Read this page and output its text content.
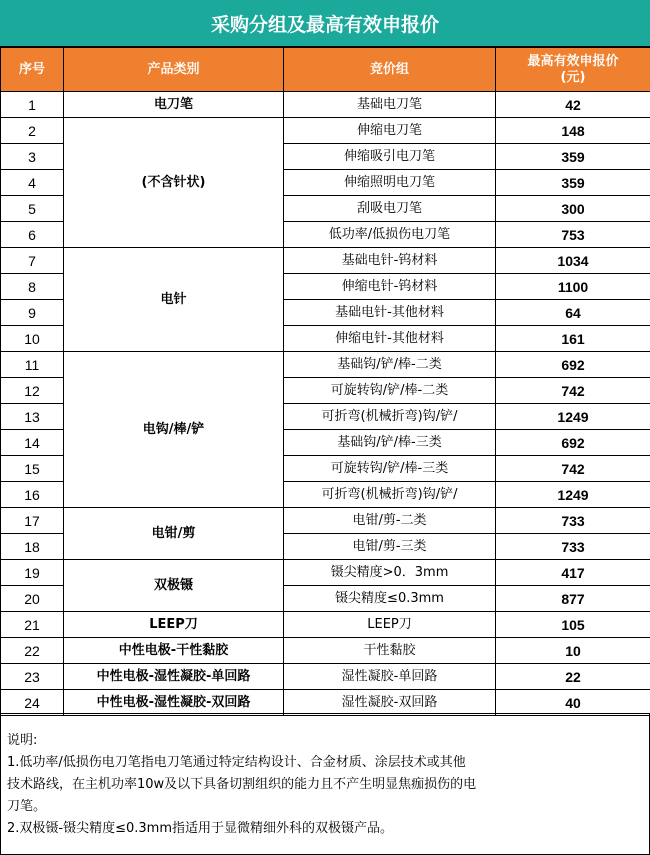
采购分组及最高有效申报价
序号	产品类别	竞价组	最高有效申报价
(元)
1	电刀笔	基础电刀笔	42
2	(不含针状)	伸缩电刀笔	148
3		伸缩吸引电刀笔	359
4		伸缩照明电刀笔	359
5		刮吸电刀笔	300
6		低功率/低损伤电刀笔	753
7	电针	基础电针-钨材料	1034
8		伸缩电针-钨材料	1100
9		基础电针-其他材料	64
10		伸缩电针-其他材料	161
11	电钩/棒/铲	基础钩/铲/棒-二类	692
12		可旋转钩/铲/棒-二类	742
13		可折弯(机械折弯)钩/铲/	1249
14		基础钩/铲/棒-三类	692
15		可旋转钩/铲/棒-三类	742
16		可折弯(机械折弯)钩/铲/	1249
17	电钳/剪	电钳/剪-二类	733
18		电钳/剪-三类	733
19	双极镊	镊尖精度>0．3mm	417
20		镊尖精度≤0.3mm	877
21	LEEP刀	LEEP刀	105
22	中性电极-干性黏胶	干性黏胶	10
23	中性电极-湿性凝胶-单回路	湿性凝胶-单回路	22
24	中性电极-湿性凝胶-双回路	湿性凝胶-双回路	40
说明:
1.低功率/低损伤电刀笔指电刀笔通过特定结构设计、合金材质、涂层技术或其他
技术路线，在主机功率10w及以下具备切割组织的能力且不产生明显焦痂损伤的电
刀笔。
2.双极镊-镊尖精度≤0.3mm指适用于显微精细外科的双极镊产品。
